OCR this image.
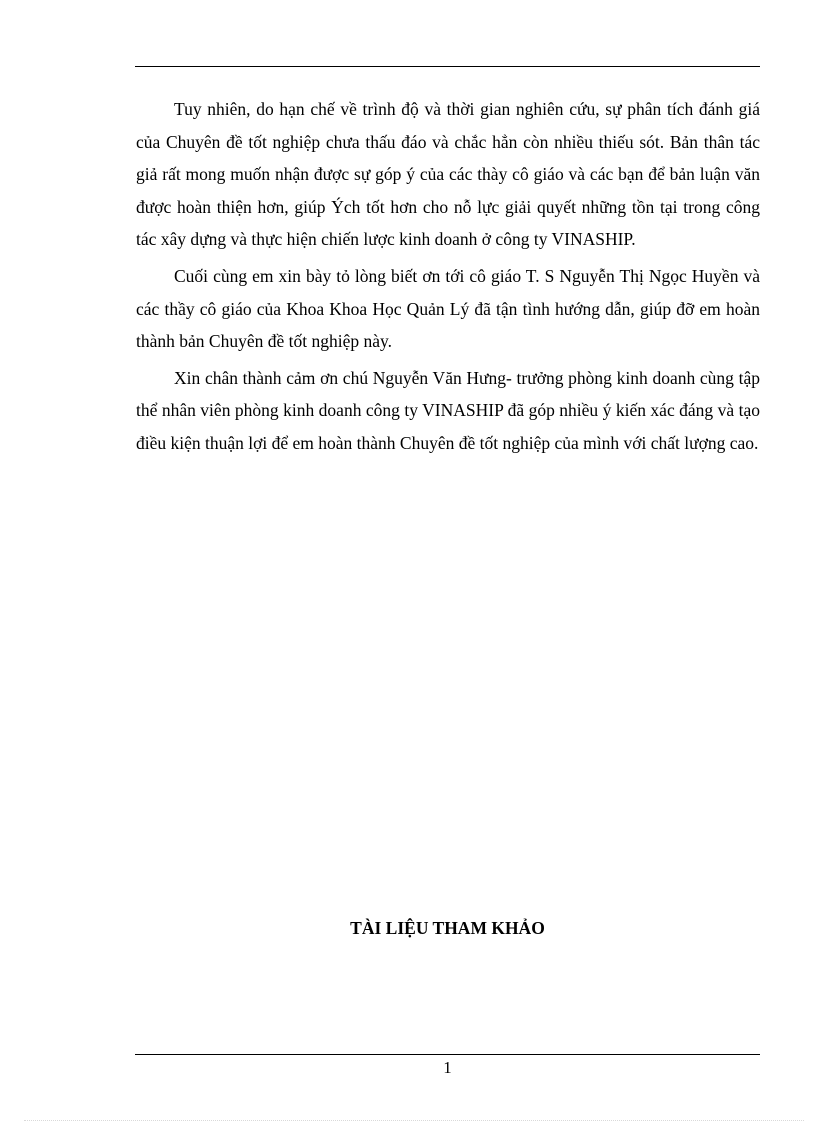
Tuy nhiên, do hạn chế về trình độ và thời gian nghiên cứu, sự phân tích đánh giá của Chuyên đề tốt nghiệp chưa thấu đáo và chắc hẳn còn nhiều thiếu sót. Bản thân tác giả rất mong muốn nhận được sự góp ý của các thày cô giáo và các bạn để bản luận văn được hoàn thiện hơn, giúp Ých tốt hơn cho nỗ lực giải quyết những tồn tại trong công tác xây dựng và thực hiện chiến lược kinh doanh ở công ty VINASHIP.

Cuối cùng em xin bày tỏ lòng biết ơn tới cô giáo T. S Nguyễn Thị Ngọc Huyền và các thầy cô giáo của Khoa Khoa Học Quản Lý đã tận tình hướng dẫn, giúp đỡ em hoàn thành bản Chuyên đề tốt nghiệp này.

Xin chân thành cảm ơn chú Nguyễn Văn Hưng- trưởng phòng kinh doanh cùng tập thể nhân viên phòng kinh doanh công ty VINASHIP đã góp nhiều ý kiến xác đáng và tạo điều kiện thuận lợi để em hoàn thành Chuyên đề tốt nghiệp của mình với chất lượng cao.

TÀI LIỆU THAM KHẢO
1
